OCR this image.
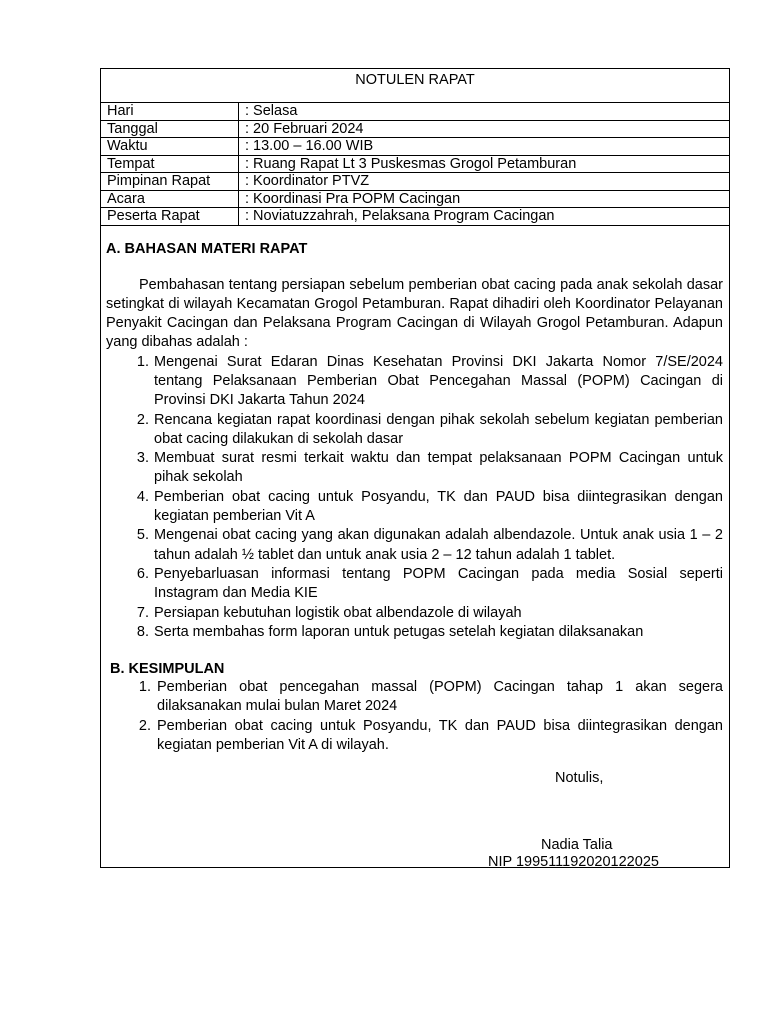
NOTULEN RAPAT
Hari	: Selasa
Tanggal	: 20 Februari 2024
Waktu	: 13.00 – 16.00 WIB
Tempat	: Ruang Rapat Lt 3 Puskesmas Grogol Petamburan
Pimpinan Rapat	: Koordinator PTVZ
Acara	: Koordinasi Pra POPM Cacingan
Peserta Rapat	: Noviatuzzahrah, Pelaksana Program Cacingan
A. BAHASAN MATERI RAPAT
Pembahasan tentang persiapan sebelum pemberian obat cacing pada anak sekolah dasar setingkat di wilayah Kecamatan Grogol Petamburan. Rapat dihadiri oleh Koordinator Pelayanan Penyakit Cacingan dan Pelaksana Program Cacingan di Wilayah Grogol Petamburan. Adapun yang dibahas adalah :
1. Mengenai Surat Edaran Dinas Kesehatan Provinsi DKI Jakarta Nomor 7/SE/2024 tentang Pelaksanaan Pemberian Obat Pencegahan Massal (POPM) Cacingan di Provinsi DKI Jakarta Tahun 2024
2. Rencana kegiatan rapat koordinasi dengan pihak sekolah sebelum kegiatan pemberian obat cacing dilakukan di sekolah dasar
3. Membuat surat resmi terkait waktu dan tempat pelaksanaan POPM Cacingan untuk pihak sekolah
4. Pemberian obat cacing untuk Posyandu, TK dan PAUD bisa diintegrasikan dengan kegiatan pemberian Vit A
5. Mengenai obat cacing yang akan digunakan adalah albendazole. Untuk anak usia 1 – 2 tahun adalah ½ tablet dan untuk anak usia 2 – 12 tahun adalah 1 tablet.
6. Penyebarluasan informasi tentang POPM Cacingan pada media Sosial seperti Instagram dan Media KIE
7. Persiapan kebutuhan logistik obat albendazole di wilayah
8. Serta membahas form laporan untuk petugas setelah kegiatan dilaksanakan
B. KESIMPULAN
1. Pemberian obat pencegahan massal (POPM) Cacingan tahap 1 akan segera dilaksanakan mulai bulan Maret 2024
2. Pemberian obat cacing untuk Posyandu, TK dan PAUD bisa diintegrasikan dengan kegiatan pemberian Vit A di wilayah.
Notulis,
Nadia Talia
NIP 199511192020122025
